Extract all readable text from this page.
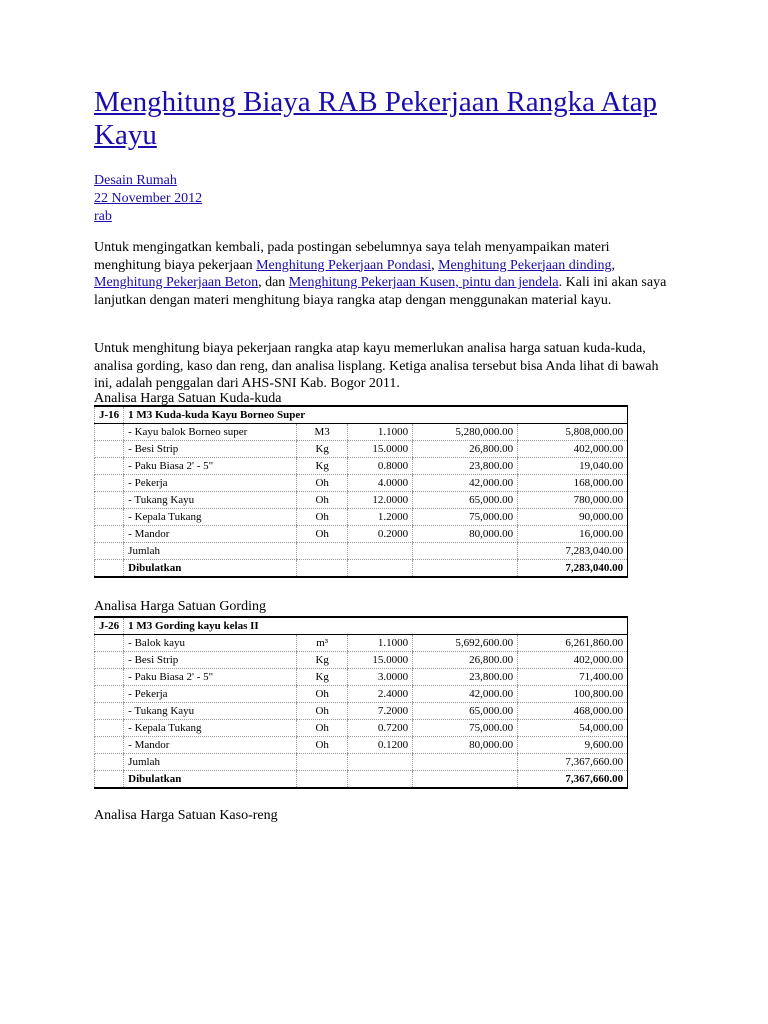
Menghitung Biaya RAB Pekerjaan Rangka Atap Kayu
Desain Rumah
22 November 2012
rab

Untuk mengingatkan kembali, pada postingan sebelumnya saya telah menyampaikan materi menghitung biaya pekerjaan Menghitung Pekerjaan Pondasi, Menghitung Pekerjaan dinding, Menghitung Pekerjaan Beton, dan Menghitung Pekerjaan Kusen, pintu dan jendela. Kali ini akan saya lanjutkan dengan materi menghitung biaya rangka atap dengan menggunakan material kayu.

Untuk menghitung biaya pekerjaan rangka atap kayu memerlukan analisa harga satuan kuda-kuda, analisa gording, kaso dan reng, dan analisa lisplang. Ketiga analisa tersebut bisa Anda lihat di bawah ini, adalah penggalan dari AHS-SNI Kab. Bogor 2011.

Analisa Harga Satuan Kuda-kuda
J-16	1 M3 Kuda-kuda Kayu Borneo Super				
	- Kayu balok Borneo super	M3	1.1000	5,280,000.00	5,808,000.00
	- Besi Strip	Kg	15.0000	26,800.00	402,000.00
	- Paku Biasa 2' - 5"	Kg	0.8000	23,800.00	19,040.00
	- Pekerja	Oh	4.0000	42,000.00	168,000.00
	- Tukang Kayu	Oh	12.0000	65,000.00	780,000.00
	- Kepala Tukang	Oh	1.2000	75,000.00	90,000.00
	- Mandor	Oh	0.2000	80,000.00	16,000.00
	Jumlah				7,283,040.00
	Dibulatkan				7,283,040.00
Analisa Harga Satuan Gording
J-26	1 M3 Gording kayu kelas II				
	- Balok kayu	m³	1.1000	5,692,600.00	6,261,860.00
	- Besi Strip	Kg	15.0000	26,800.00	402,000.00
	- Paku Biasa 2' - 5"	Kg	3.0000	23,800.00	71,400.00
	- Pekerja	Oh	2.4000	42,000.00	100,800.00
	- Tukang Kayu	Oh	7.2000	65,000.00	468,000.00
	- Kepala Tukang	Oh	0.7200	75,000.00	54,000.00
	- Mandor	Oh	0.1200	80,000.00	9,600.00
	Jumlah				7,367,660.00
	Dibulatkan				7,367,660.00
Analisa Harga Satuan Kaso-reng
